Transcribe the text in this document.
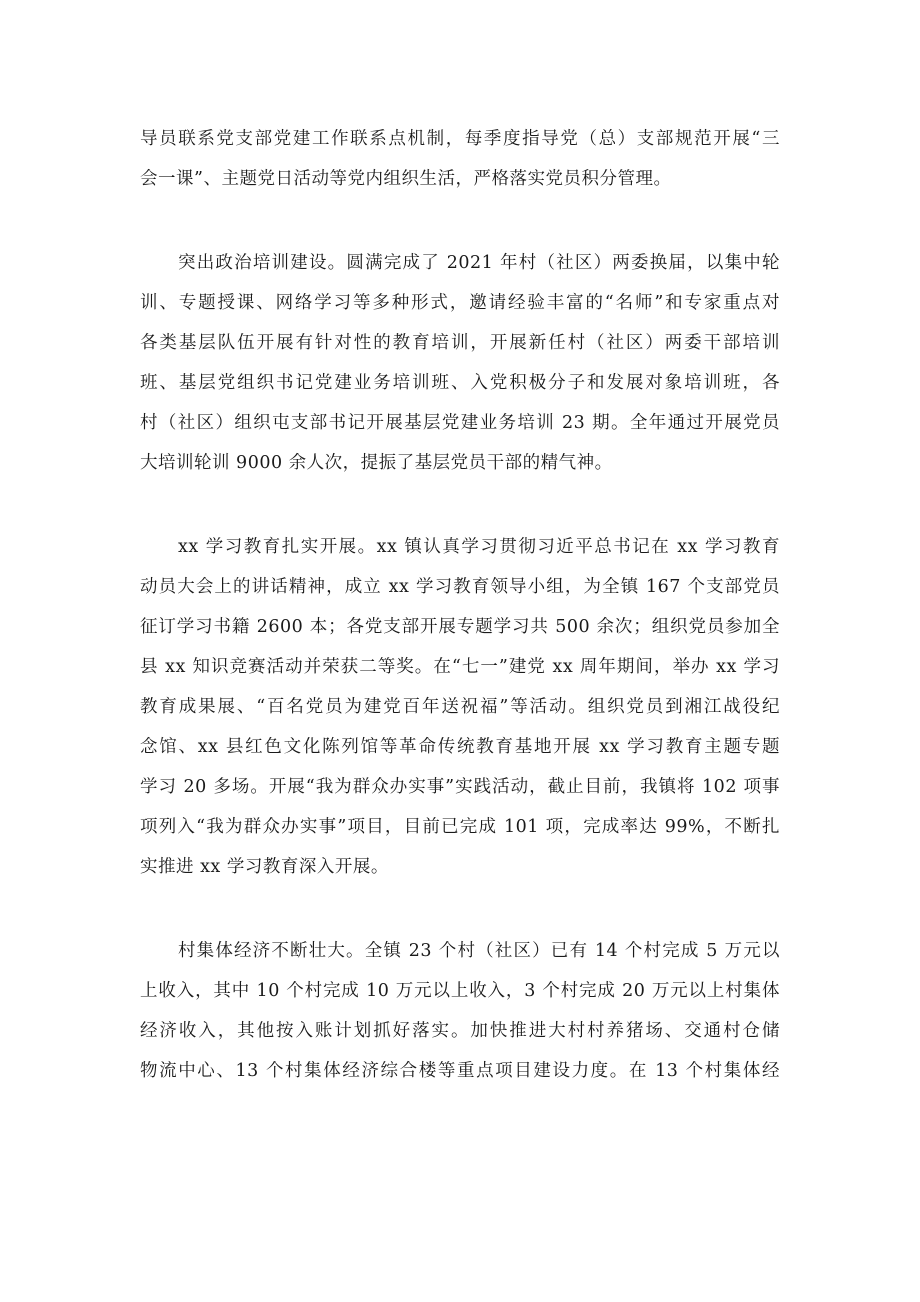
导员联系党支部党建工作联系点机制，每季度指导党（总）支部规范开展“三
会一课”、主题党日活动等党内组织生活，严格落实党员积分管理。
突出政治培训建设。圆满完成了 2021 年村（社区）两委换届，以集中轮
训、专题授课、网络学习等多种形式，邀请经验丰富的“名师”和专家重点对
各类基层队伍开展有针对性的教育培训，开展新任村（社区）两委干部培训
班、基层党组织书记党建业务培训班、入党积极分子和发展对象培训班，各
村（社区）组织屯支部书记开展基层党建业务培训 23 期。全年通过开展党员
大培训轮训 9000 余人次，提振了基层党员干部的精气神。
xx 学习教育扎实开展。xx 镇认真学习贯彻习近平总书记在 xx 学习教育
动员大会上的讲话精神，成立 xx 学习教育领导小组，为全镇 167 个支部党员
征订学习书籍 2600 本；各党支部开展专题学习共 500 余次；组织党员参加全
县 xx 知识竞赛活动并荣获二等奖。在“七一”建党 xx 周年期间，举办 xx 学习
教育成果展、“百名党员为建党百年送祝福”等活动。组织党员到湘江战役纪
念馆、xx 县红色文化陈列馆等革命传统教育基地开展 xx 学习教育主题专题
学习 20 多场。开展“我为群众办实事”实践活动，截止目前，我镇将 102 项事
项列入“我为群众办实事”项目，目前已完成 101 项，完成率达 99%，不断扎
实推进 xx 学习教育深入开展。
村集体经济不断壮大。全镇 23 个村（社区）已有 14 个村完成 5 万元以
上收入，其中 10 个村完成 10 万元以上收入，3 个村完成 20 万元以上村集体
经济收入，其他按入账计划抓好落实。加快推进大村村养猪场、交通村仓储
物流中心、13 个村集体经济综合楼等重点项目建设力度。在 13 个村集体经
